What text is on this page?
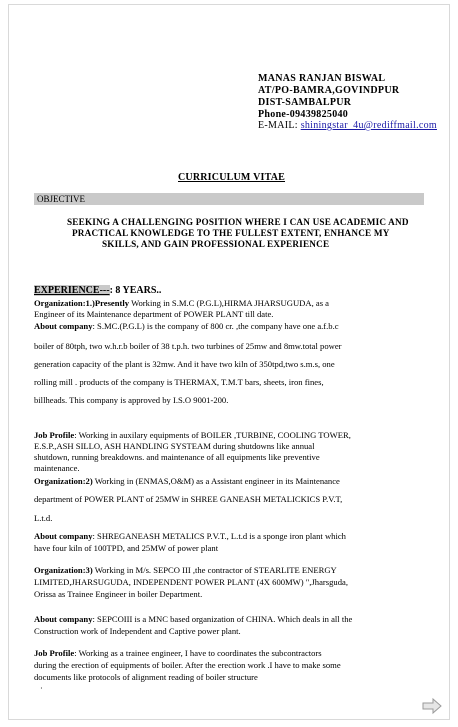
MANAS RANJAN BISWAL
AT/PO-BAMRA,GOVINDPUR
DIST-SAMBALPUR
Phone-09439825040
E-MAIL: shiningstar_4u@rediffmail.com
CURRICULUM VITAE
OBJECTIVE
SEEKING A CHALLENGING POSITION WHERE I CAN USE ACADEMIC AND
PRACTICAL KNOWLEDGE TO THE FULLEST EXTENT, ENHANCE MY
SKILLS, AND GAIN PROFESSIONAL EXPERIENCE
EXPERIENCE---: 8 YEARS..
Organization:1.)Presently Working in S.M.C (P.G.L),HIRMA JHARSUGUDA, as a
Engineer of its Maintenance department of POWER PLANT till date.
About company: S.MC.(P.G.L) is the company of 800 cr. ,the company have one a.f.b.c
boiler of 80tph, two w.h.r.b boiler of 38 t.p.h. two turbines of 25mw and 8mw.total power
generation capacity of the plant is 32mw. And it have two kiln of 350tpd,two s.m.s, one
rolling mill . products of the company is THERMAX, T.M.T bars, sheets, iron fines,
billheads. This company is approved by I.S.O 9001-200.
Job Profile: Working in auxilary equipments of BOILER ,TURBINE, COOLING TOWER,
E.S.P.,ASH SILLO, ASH HANDLING SYSTEAM during shutdowns like annual
shutdown, running breakdowns. and maintenance of all equipments like preventive
maintenance.
Organization:2) Working in (ENMAS,O&M) as a Assistant engineer in its Maintenance
department of POWER PLANT of 25MW in SHREE GANEASH METALICKICS P.V.T,
L.t.d.
About company: SHREGANEASH METALICS P.V.T., L.t.d is a sponge iron plant which
have four kiln of 100TPD, and 25MW of power plant
Organization:3) Working in M/s. SEPCO III ,the contractor of STEARLITE ENERGY
LIMITED,JHARSUGUDA, INDEPENDENT POWER PLANT (4X 600MW) ",Jharsguda,
Orissa as Trainee Engineer in boiler Department.
About company: SEPCOIII is a MNC based organization of CHINA. Which deals in all the
Construction work of Independent and Captive power plant.
Job Profile: Working as a trainee engineer, I have to coordinates the subcontractors
during the erection of equipments of boiler. After the erection work .I have to make some
documents like protocols of alignment reading of boiler structure
·
